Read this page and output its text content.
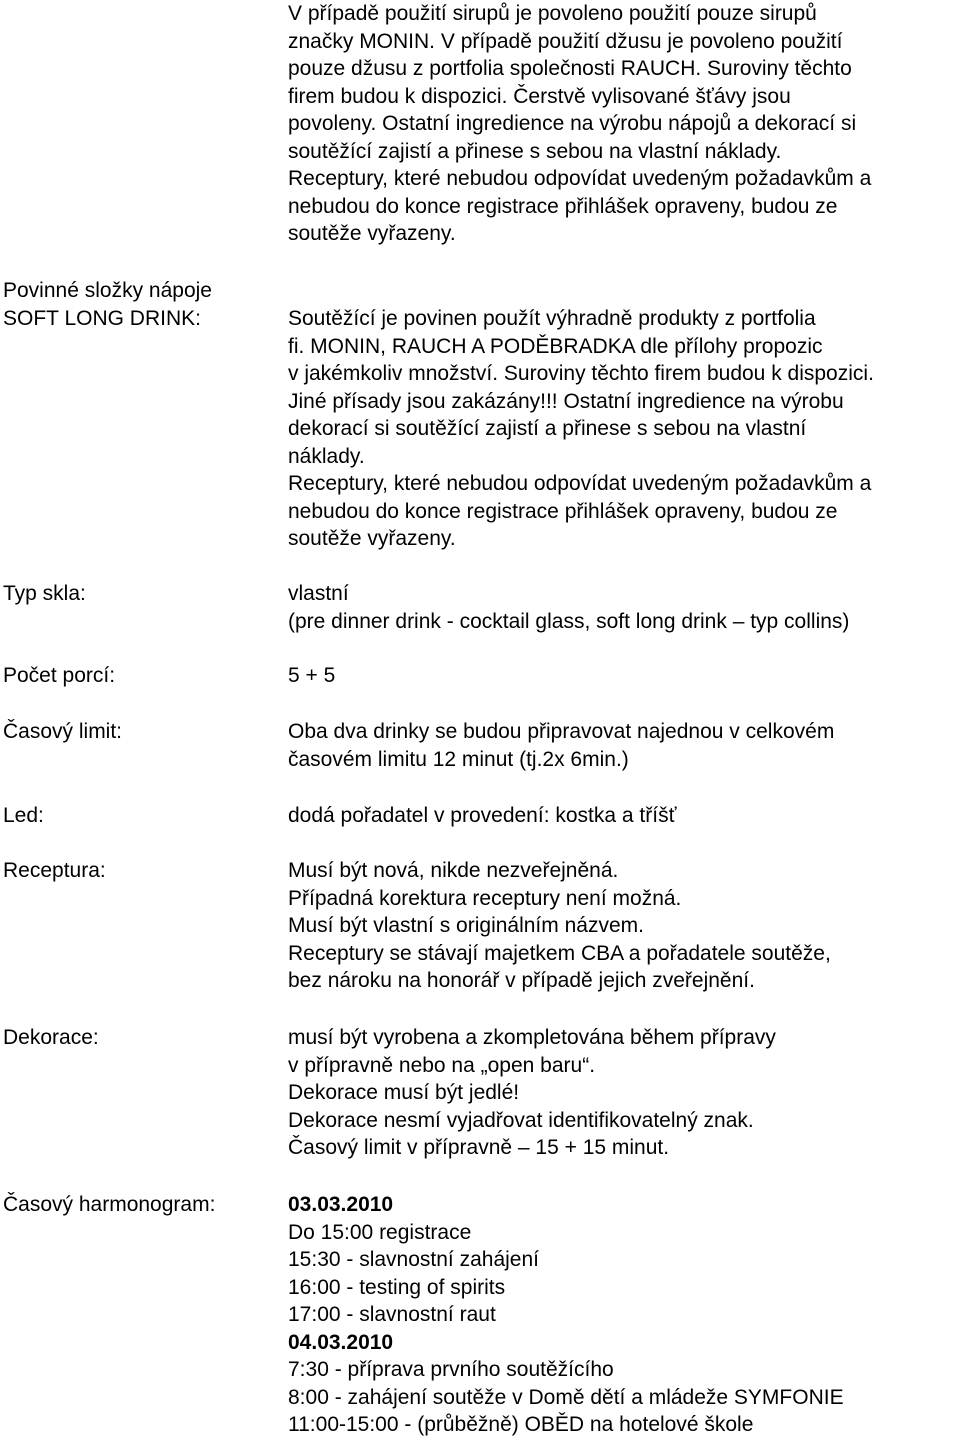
V případě použití sirupů je povoleno použití pouze sirupů
značky MONIN. V případě použití džusu je povoleno použití
pouze džusu z portfolia společnosti RAUCH. Suroviny těchto
firem budou k dispozici. Čerstvě vylisované šťávy jsou
povoleny. Ostatní ingredience na výrobu nápojů a dekorací si
soutěžící zajistí a přinese s sebou na vlastní náklady.
Receptury, které nebudou odpovídat uvedeným požadavkům a
nebudou do konce registrace přihlášek opraveny, budou ze
soutěže vyřazeny.
Povinné složky nápoje
SOFT LONG DRINK:	Soutěžící je povinen použít výhradně produkty z portfolia
fi. MONIN, RAUCH A PODĚBRADKA dle přílohy propozic
v jakémkoliv množství. Suroviny těchto firem budou k dispozici.
Jiné přísady jsou zakázány!!! Ostatní ingredience na výrobu
dekorací si soutěžící zajistí a přinese s sebou na vlastní
náklady.
Receptury, které nebudou odpovídat uvedeným požadavkům a
nebudou do konce registrace přihlášek opraveny, budou ze
soutěže vyřazeny.
Typ skla:	vlastní
(pre dinner drink - cocktail glass, soft long drink – typ collins)
Počet porcí:	5 + 5
Časový limit:	Oba dva drinky se budou připravovat najednou v celkovém
časovém limitu 12 minut (tj.2x 6min.)
Led:	dodá pořadatel v provedení: kostka a tříšť
Receptura:	Musí být nová, nikde nezveřejněná.
Případná korektura receptury není možná.
Musí být vlastní s originálním názvem.
Receptury se stávají majetkem CBA a pořadatele soutěže,
bez nároku na honorář v případě jejich zveřejnění.
Dekorace:	musí být vyrobena a zkompletována během přípravy
v přípravně nebo na „open baru“.
Dekorace musí být jedlé!
Dekorace nesmí vyjadřovat identifikovatelný znak.
Časový limit v přípravně – 15 + 15 minut.
Časový harmonogram:	03.03.2010
Do 15:00 registrace
15:30 - slavnostní zahájení
16:00 - testing of spirits
17:00 - slavnostní raut
04.03.2010
7:30 - příprava prvního soutěžícího
8:00 - zahájení soutěže v Domě dětí a mládeže SYMFONIE
11:00-15:00 - (průběžně) OBĚD na hotelové škole
